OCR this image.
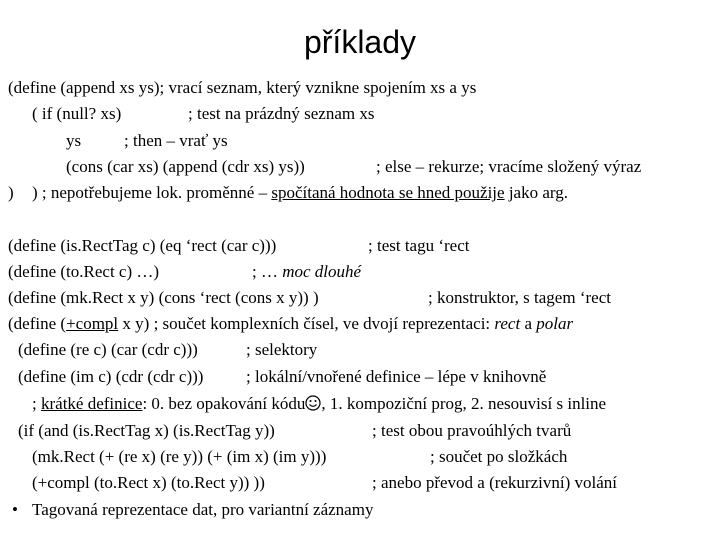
příklady
(define (append xs ys); vrací seznam, který vznikne spojením xs a ys
( if (null? xs)	; test na prázdný seznam xs
ys	; then – vrať ys
(cons (car xs) (append (cdr xs) ys))	; else – rekurze; vracíme složený výraz
) ) ; nepotřebujeme lok. proměnné – spočítaná hodnota se hned použije jako arg.
(define (is.RectTag c) (eq ‘rect (car c)))	; test tagu ‘rect
(define (to.Rect c) …)	; … moc dlouhé
(define (mk.Rect x y) (cons ‘rect (cons x y)) )	; konstruktor, s tagem ‘rect
(define (+compl x y) ; součet komplexních čísel, ve dvojí reprezentaci: rect a polar
(define (re c) (car (cdr c)))	; selektory
(define (im c) (cdr (cdr c)))	; lokální/vnořené definice – lépe v knihovně
; krátké definice: 0. bez opakování kódu , 1. kompoziční prog, 2. nesouvisí s inline
(if (and (is.RectTag x) (is.RectTag y))	; test obou pravoúhlých tvarů
(mk.Rect (+ (re x) (re y)) (+ (im x) (im y)))	; součet po složkách
(+compl (to.Rect x) (to.Rect y)) ))	; anebo převod a (rekurzivní) volání
• Tagovaná reprezentace dat, pro variantní záznamy
